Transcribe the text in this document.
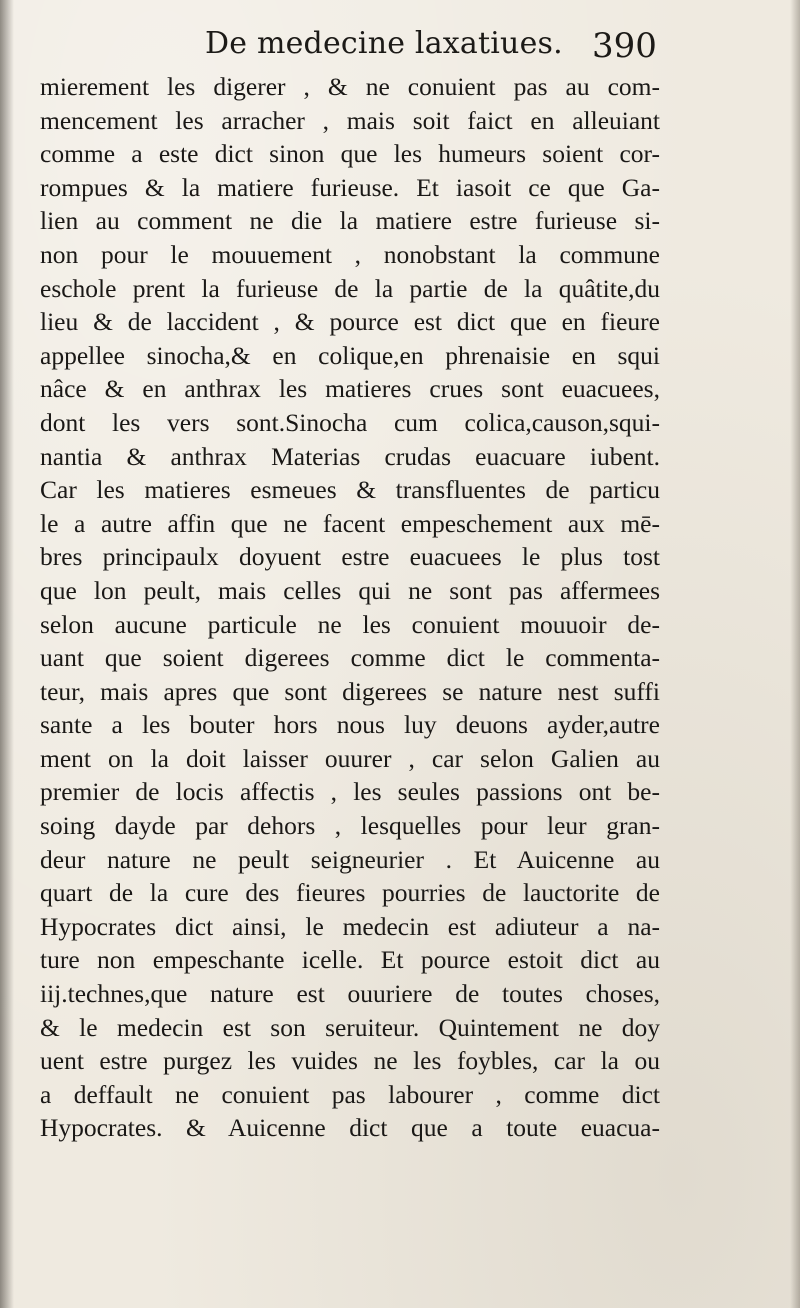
De medecine laxatiues. 390
mierement les digerer , & ne conuient pas au com-
mencement les arracher , mais soit faict en alleuiant
comme a este dict sinon que les humeurs soient cor-
rompues & la matiere furieuse. Et iasoit ce que Ga-
lien au comment ne die la matiere estre furieuse si-
non pour le mouuement , nonobstant la commune
eschole prent la furieuse de la partie de la quâtite,du
lieu & de laccident , & pource est dict que en fieure
appellee sinocha,& en colique,en phrenaisie en squi
nâce & en anthrax les matieres crues sont euacuees,
dont les vers sont.Sinocha cum colica,causon,squi-
nantia & anthrax Materias crudas euacuare iubent.
Car les matieres esmeues & transfluentes de particu
le a autre affin que ne facent empeschement aux mē-
bres principaulx doyuent estre euacuees le plus tost
que lon peult, mais celles qui ne sont pas affermees
selon aucune particule ne les conuient mouuoir de-
uant que soient digerees comme dict le commenta-
teur, mais apres que sont digerees se nature nest suffi
sante a les bouter hors nous luy deuons ayder,autre
ment on la doit laisser ouurer , car selon Galien au
premier de locis affectis , les seules passions ont be-
soing dayde par dehors , lesquelles pour leur gran-
deur nature ne peult seigneurier . Et Auicenne au
quart de la cure des fieures pourries de lauctorite de
Hypocrates dict ainsi, le medecin est adiuteur a na-
ture non empeschante icelle. Et pource estoit dict au
iij.technes,que nature est ouuriere de toutes choses,
& le medecin est son seruiteur. Quintement ne doy
uent estre purgez les vuides ne les foybles, car la ou
a deffault ne conuient pas labourer , comme dict
Hypocrates. & Auicenne dict que a toute euacua-
